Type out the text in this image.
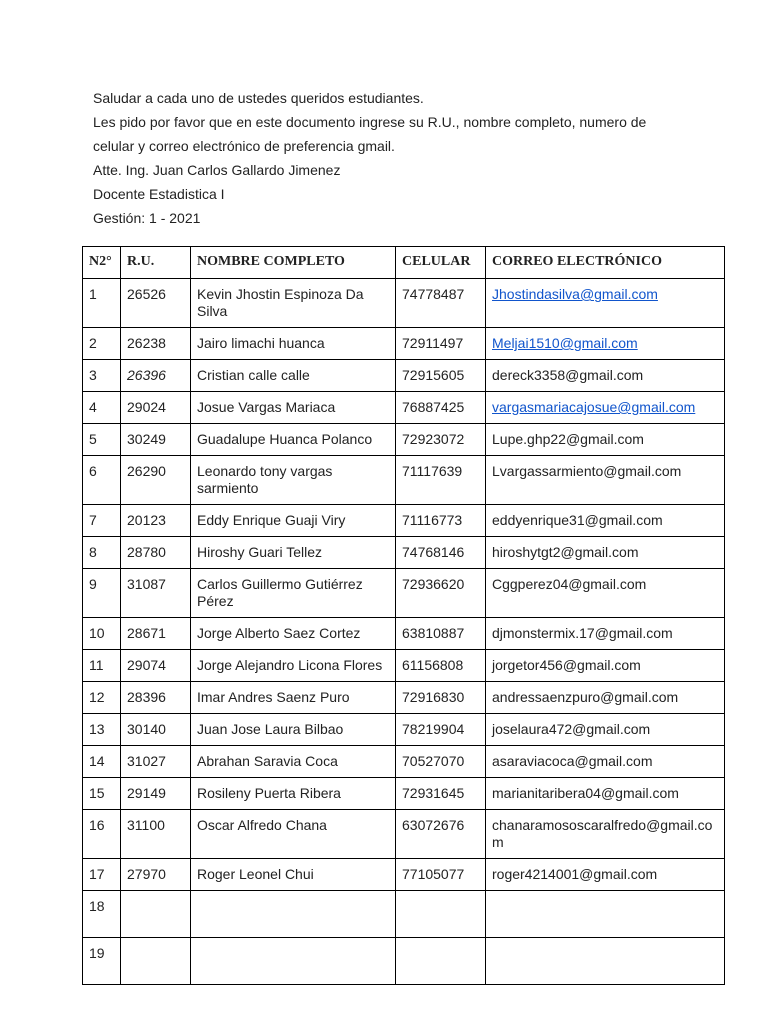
Saludar a cada uno de ustedes queridos estudiantes.

Les pido por favor que en este documento ingrese su R.U., nombre completo, numero de

celular y correo electrónico de preferencia gmail.

Atte. Ing. Juan Carlos Gallardo Jimenez

Docente Estadistica I

Gestión: 1 - 2021

N2°	R.U.	NOMBRE COMPLETO	CELULAR	CORREO ELECTRÓNICO
1	26526	Kevin Jhostin Espinoza Da Silva	74778487	Jhostindasilva@gmail.com
2	26238	Jairo limachi huanca	72911497	Meljai1510@gmail.com
3	26396	Cristian calle calle	72915605	dereck3358@gmail.com
4	29024	Josue Vargas Mariaca	76887425	vargasmariacajosue@gmail.com
5	30249	Guadalupe Huanca Polanco	72923072	Lupe.ghp22@gmail.com
6	26290	Leonardo tony vargas sarmiento	71117639	Lvargassarmiento@gmail.com
7	20123	Eddy Enrique Guaji Viry	71116773	eddyenrique31@gmail.com
8	28780	Hiroshy Guari Tellez	74768146	hiroshytgt2@gmail.com
9	31087	Carlos Guillermo Gutiérrez Pérez	72936620	Cggperez04@gmail.com
10	28671	Jorge Alberto Saez Cortez	63810887	djmonstermix.17@gmail.com
11	29074	Jorge Alejandro Licona Flores	61156808	jorgetor456@gmail.com
12	28396	Imar Andres Saenz Puro	72916830	andressaenzpuro@gmail.com
13	30140	Juan Jose Laura Bilbao	78219904	joselaura472@gmail.com
14	31027	Abrahan Saravia Coca	70527070	asaraviacoca@gmail.com
15	29149	Rosileny Puerta Ribera	72931645	marianitaribera04@gmail.com
16	31100	Oscar Alfredo Chana	63072676	chanaramososcaralfredo@gmail.com
17	27970	Roger Leonel Chui	77105077	roger4214001@gmail.com
18				
19				
